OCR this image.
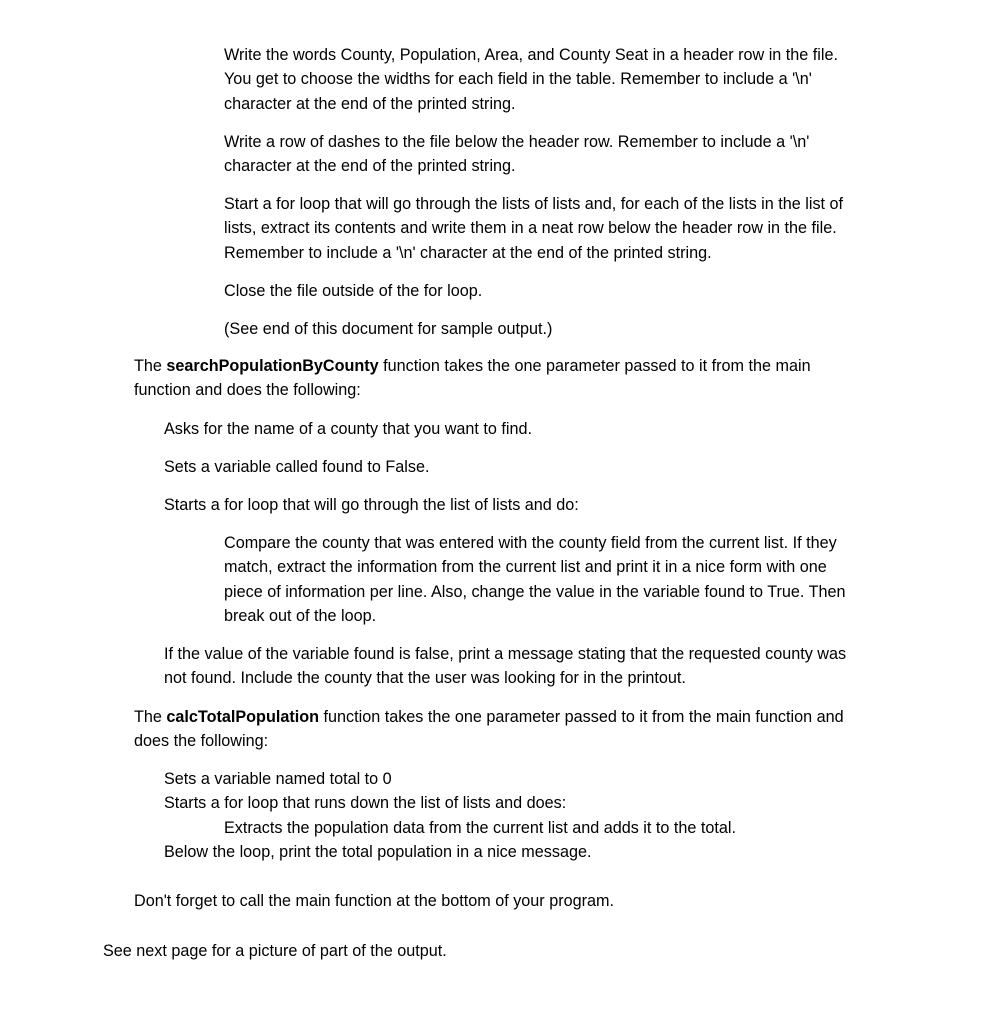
Write the words County, Population, Area, and County Seat in a header row in the file.
You get to choose the widths for each field in the table. Remember to include a '\n'
character at the end of the printed string.
Write a row of dashes to the file below the header row. Remember to include a '\n'
character at the end of the printed string.
Start a for loop that will go through the lists of lists and, for each of the lists in the list of
lists, extract its contents and write them in a neat row below the header row in the file.
Remember to include a '\n' character at the end of the printed string.
Close the file outside of the for loop.
(See end of this document for sample output.)
The searchPopulationByCounty function takes the one parameter passed to it from the main
function and does the following:
Asks for the name of a county that you want to find.
Sets a variable called found to False.
Starts a for loop that will go through the list of lists and do:
Compare the county that was entered with the county field from the current list. If they
match, extract the information from the current list and print it in a nice form with one
piece of information per line. Also, change the value in the variable found to True. Then
break out of the loop.
If the value of the variable found is false, print a message stating that the requested county was
not found. Include the county that the user was looking for in the printout.
The calcTotalPopulation function takes the one parameter passed to it from the main function and
does the following:
Sets a variable named total to 0
Starts a for loop that runs down the list of lists and does:
Extracts the population data from the current list and adds it to the total.
Below the loop, print the total population in a nice message.
Don't forget to call the main function at the bottom of your program.
See next page for a picture of part of the output.
